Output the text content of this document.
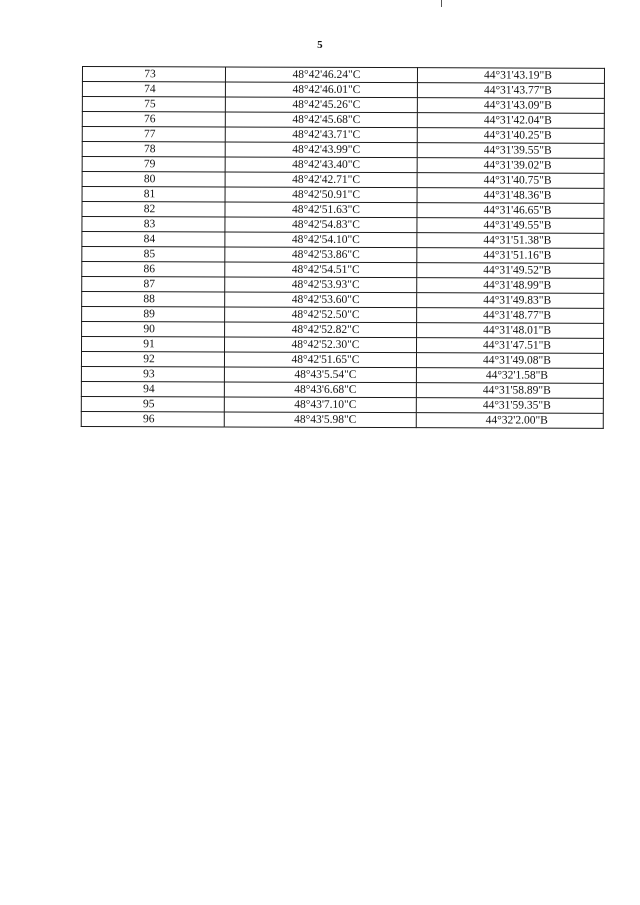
5
73	48°42'46.24"С	44°31'43.19"В
74	48°42'46.01"С	44°31'43.77"В
75	48°42'45.26"С	44°31'43.09"В
76	48°42'45.68"С	44°31'42.04"В
77	48°42'43.71"С	44°31'40.25"В
78	48°42'43.99"С	44°31'39.55"В
79	48°42'43.40"С	44°31'39.02"В
80	48°42'42.71"С	44°31'40.75"В
81	48°42'50.91"С	44°31'48.36"В
82	48°42'51.63"С	44°31'46.65"В
83	48°42'54.83"С	44°31'49.55"В
84	48°42'54.10"С	44°31'51.38"В
85	48°42'53.86"С	44°31'51.16"В
86	48°42'54.51"С	44°31'49.52"В
87	48°42'53.93"С	44°31'48.99"В
88	48°42'53.60"С	44°31'49.83"В
89	48°42'52.50"С	44°31'48.77"В
90	48°42'52.82"С	44°31'48.01"В
91	48°42'52.30"С	44°31'47.51"В
92	48°42'51.65"С	44°31'49.08"В
93	48°43'5.54"С	44°32'1.58"В
94	48°43'6.68"С	44°31'58.89"В
95	48°43'7.10"С	44°31'59.35"В
96	48°43'5.98"С	44°32'2.00"В
